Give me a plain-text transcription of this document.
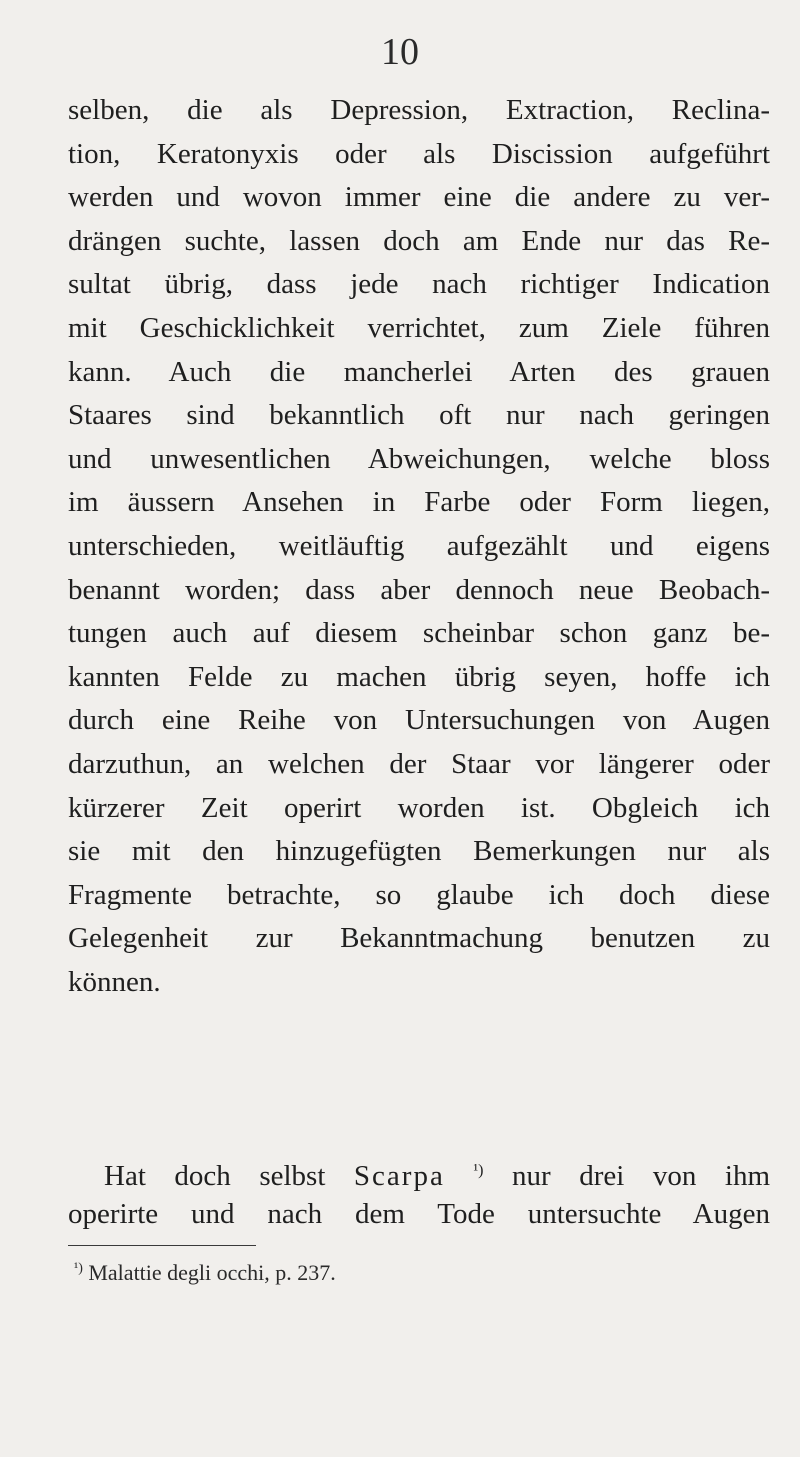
10
selben, die als Depression, Extraction, Reclina-
tion, Keratonyxis oder als Discission aufgeführt
werden und wovon immer eine die andere zu ver-
drängen suchte, lassen doch am Ende nur das Re-
sultat übrig, dass jede nach richtiger Indication
mit Geschicklichkeit verrichtet, zum Ziele führen
kann. Auch die mancherlei Arten des grauen
Staares sind bekanntlich oft nur nach geringen
und unwesentlichen Abweichungen, welche bloss
im äussern Ansehen in Farbe oder Form liegen,
unterschieden, weitläuftig aufgezählt und eigens
benannt worden; dass aber dennoch neue Beobach-
tungen auch auf diesem scheinbar schon ganz be-
kannten Felde zu machen übrig seyen, hoffe ich
durch eine Reihe von Untersuchungen von Augen
darzuthun, an welchen der Staar vor längerer oder
kürzerer Zeit operirt worden ist. Obgleich ich
sie mit den hinzugefügten Bemerkungen nur als
Fragmente betrachte, so glaube ich doch diese
Gelegenheit zur Bekanntmachung benutzen zu
können.
Hat doch selbst Scarpa $^{^1)}$ nur drei von ihm
operirte und nach dem Tode untersuchte Augen
$^{^1)}$ Malattie degli occhi, p. 237.
